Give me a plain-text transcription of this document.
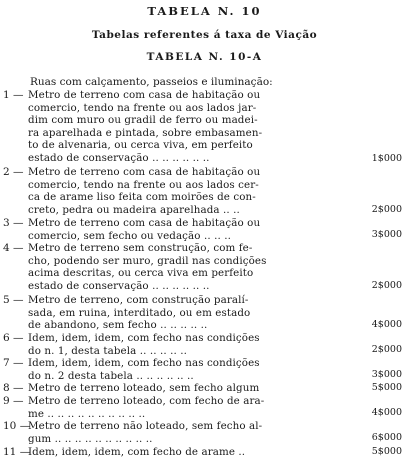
TABELA N. 10
Tabelas referentes á taxa de Viação
TABELA N. 10-A
Ruas com calçamento, passeios e iluminação:
1 — Metro de terreno com casa de habitação ou
comercio, tendo na frente ou aos lados jar-
dim com muro ou gradil de ferro ou madei-
ra aparelhada e pintada, sobre embasamen-
to de alvenaria, ou cerca viva, em perfeito
estado de conservação .. .. .. .. .. ..	1$000
2 — Metro de terreno com casa de habitação ou
comercio, tendo na frente ou aos lados cer-
ca de arame liso feita com moirões de con-
creto, pedra ou madeira aparelhada .. ..	2$000
3 — Metro de terreno com casa de habitação ou
comercio, sem fecho ou vedação .. .. ..	3$000
4 — Metro de terreno sem construção, com fe-
cho, podendo ser muro, gradil nas condições
acima descritas, ou cerca viva em perfeito
estado de conservação .. .. .. .. .. ..	2$000
5 — Metro de terreno, com construção paralí-
sada, em ruina, interditado, ou em estado
de abandono, sem fecho .. .. .. .. ..	4$000
6 — Idem, idem, idem, com fecho nas condições
do n. 1, desta tabela .. .. .. .. ..	2$000
7 — Idem, idem, idem, com fecho nas condições
do n. 2 desta tabela .. .. .. .. .. ..	3$000
8 — Metro de terreno loteado, sem fecho algum	5$000
9 — Metro de terreno loteado, com fecho de ara-
me .. .. .. .. .. .. .. .. .. ..	4$000
10 —
Metro de terreno não loteado, sem fecho al-
gum .. .. .. .. .. .. .. .. .. ..	6$000
11 —
Idem, idem, idem, com fecho de arame ..	5$000
